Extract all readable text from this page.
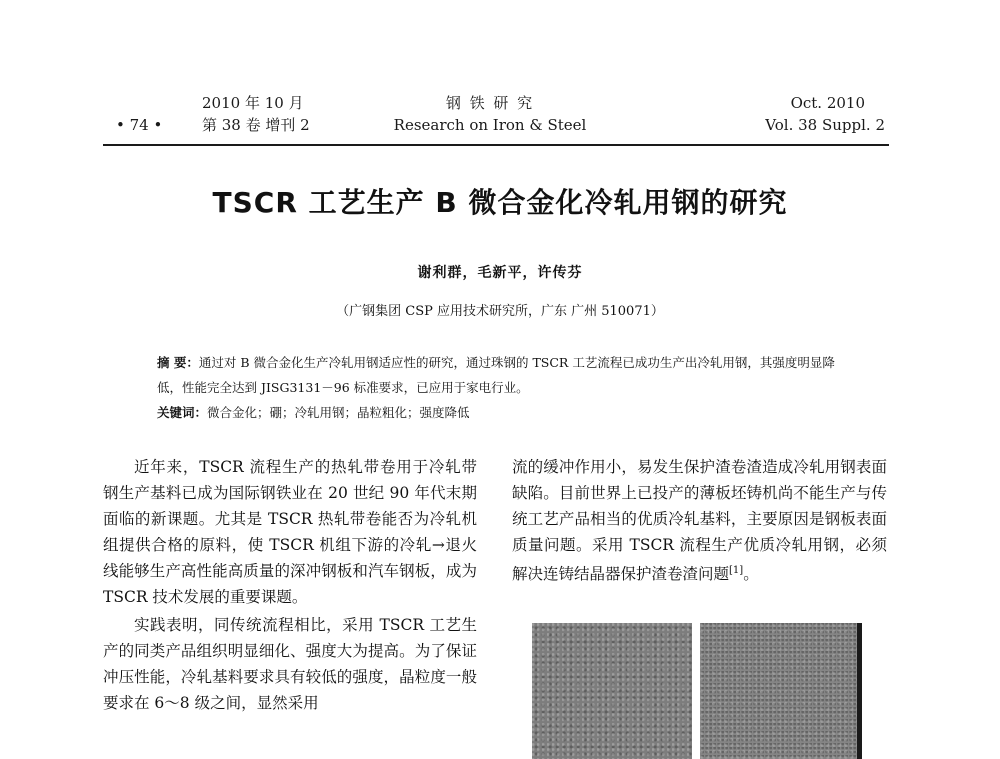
• 74 •
2010 年 10 月
第 38 卷 增刊 2
钢 铁 研 究
Research on Iron & Steel
Oct. 2010
Vol. 38 Suppl. 2
TSCR 工艺生产 B 微合金化冷轧用钢的研究
谢利群，毛新平，许传芬
（广钢集团 CSP 应用技术研究所，广东 广州 510071）
摘 要：通过对 B 微合金化生产冷轧用钢适应性的研究，通过珠钢的 TSCR 工艺流程已成功生产出冷轧用钢，其强度明显降低，性能完全达到 JISG3131－96 标准要求，已应用于家电行业。
关键词：微合金化；硼；冷轧用钢；晶粒粗化；强度降低

近年来，TSCR 流程生产的热轧带卷用于冷轧带钢生产基料已成为国际钢铁业在 20 世纪 90 年代末期面临的新课题。尤其是 TSCR 热轧带卷能否为冷轧机组提供合格的原料，使 TSCR 机组下游的冷轧→退火线能够生产高性能高质量的深冲钢板和汽车钢板，成为 TSCR 技术发展的重要课题。

实践表明，同传统流程相比，采用 TSCR 工艺生产的同类产品组织明显细化、强度大为提高。为了保证冲压性能，冷轧基料要求具有较低的强度，晶粒度一般要求在 6～8 级之间，显然采用

流的缓冲作用小，易发生保护渣卷渣造成冷轧用钢表面缺陷。目前世界上已投产的薄板坯铸机尚不能生产与传统工艺产品相当的优质冷轧基料，主要原因是钢板表面质量问题。采用 TSCR 流程生产优质冷轧用钢，必须解决连铸结晶器保护渣卷渣问题[1]。
